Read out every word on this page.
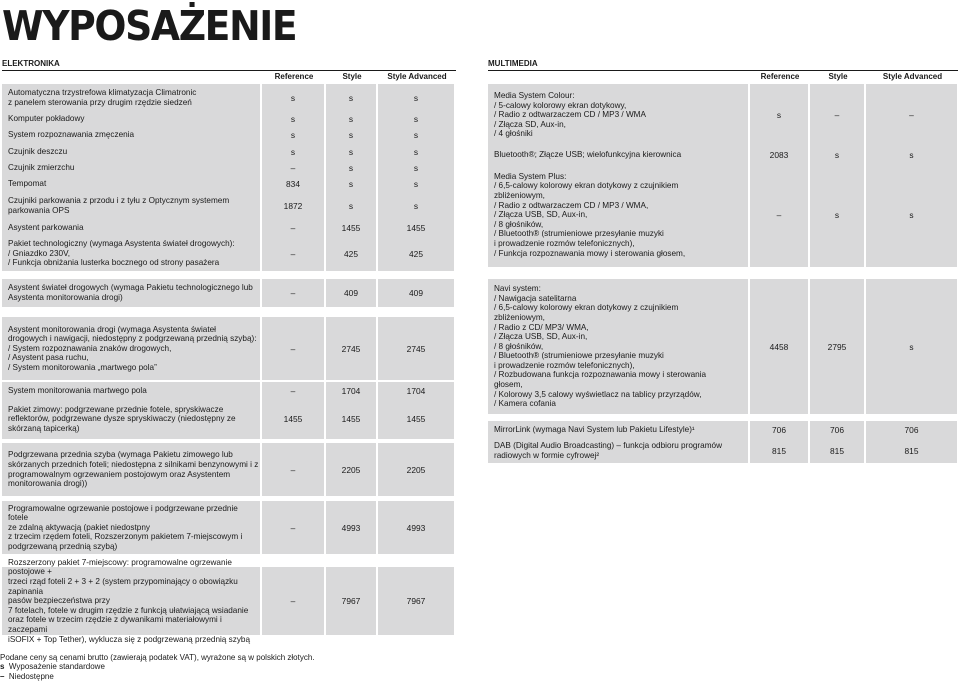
WYPOSAŻENIE
ELEKTRONIKA	MULTIMEDIA
Reference	Style	Style Advanced	Reference	Style	Style Advanced
Automatyczna trzystrefowa klimatyzacja Climatronic
z panelem sterowania przy drugim rzędzie siedzeń	s	s	s
Komputer pokładowy	s	s	s
System rozpoznawania zmęczenia	s	s	s
Czujnik deszczu	s	s	s
Czujnik zmierzchu	–	s	s
Tempomat	834	s	s
Czujniki parkowania z przodu i z tyłu z Optycznym systemem
parkowania OPS	1872	s	s
Asystent parkowania	–	1455	1455
Pakiet technologiczny (wymaga Asystenta świateł drogowych):
/ Gniazdko 230V,
/ Funkcja obniżania lusterka bocznego od strony pasażera
–	425	425
Asystent świateł drogowych (wymaga Pakietu technologicznego lub
Asystenta monitorowania drogi)	–	409	409
Asystent monitorowania drogi (wymaga Asystenta świateł
drogowych i nawigacji, niedostępny z podgrzewaną przednią szybą):
/ System rozpoznawania znaków drogowych,
/ Asystent pasa ruchu,
/ System monitorowania „martwego pola”
–	2745	2745
System monitorowania martwego pola	–	1704	1704
Pakiet zimowy: podgrzewane przednie fotele, spryskiwacze
reflektorów, podgrzewane dysze spryskiwaczy (niedostępny ze
skórzaną tapicerką)
1455	1455	1455
Podgrzewana przednia szyba (wymaga Pakietu zimowego lub
skórzanych przednich foteli; niedostępna z silnikami benzynowymi i z
programowalnym ogrzewaniem postojowym oraz Asystentem
monitorowania drogi))
–	2205	2205
Programowalne ogrzewanie postojowe i podgrzewane przednie fotele
ze zdalną aktywacją (pakiet niedostpny
z trzecim rzędem foteli, Rozszerzonym pakietem 7-miejscowym i
podgrzewaną przednią szybą)
–	4993	4993
Rozszerzony pakiet 7-miejscowy: programowalne ogrzewanie postojowe +
trzeci rząd foteli 2 + 3 + 2 (system przypominający o obowiązku zapinania
pasów bezpieczeństwa przy
7 fotelach, fotele w drugim rzędzie z funkcją ułatwiającą wsiadanie
oraz fotele w trzecim rzędzie z dywanikami materiałowymi i zaczepami
iSOFIX + Top Tether), wyklucza się z podgrzewaną przednią szybą
–	7967	7967
Media System Colour:
/ 5-calowy kolorowy ekran dotykowy,
/ Radio z odtwarzaczem CD / MP3 / WMA
/ Złącza SD, Aux-in,
/ 4 głośniki
s	–	–
Bluetooth®; Złącze USB; wielofunkcyjna kierownica	2083	s	s
Media System Plus:
/ 6,5-calowy kolorowy ekran dotykowy z czujnikiem
zbliżeniowym,
/ Radio z odtwarzaczem CD / MP3 / WMA,
/ Złącza USB, SD, Aux-in,
/ 8 głośników,
/ Bluetooth® (strumieniowe przesyłanie muzyki
i prowadzenie rozmów telefonicznych),
/ Funkcja rozpoznawania mowy i sterowania głosem,
–	s	s
Navi system:
/ Nawigacja satelitarna
/ 6,5-calowy kolorowy ekran dotykowy z czujnikiem
zbliżeniowym,
/ Radio z CD/ MP3/ WMA,
/ Złącza USB, SD, Aux-in,
/ 8 głośników,
/ Bluetooth® (strumieniowe przesyłanie muzyki
i prowadzenie rozmów telefonicznych),
/ Rozbudowana funkcja rozpoznawania mowy i sterowania
głosem,
/ Kolorowy 3,5 calowy wyświetlacz na tablicy przyrządów,
/ Kamera cofania
4458	2795	s
MirrorLink (wymaga Navi System lub Pakietu Lifestyle)¹	706	706	706
DAB (Digital Audio Broadcasting) – funkcja odbioru programów
radiowych w formie cyfrowej²	815	815	815
Podane ceny są cenami brutto (zawierają podatek VAT), wyrażone są w polskich złotych.
s Wyposażenie standardowe
– Niedostępne
